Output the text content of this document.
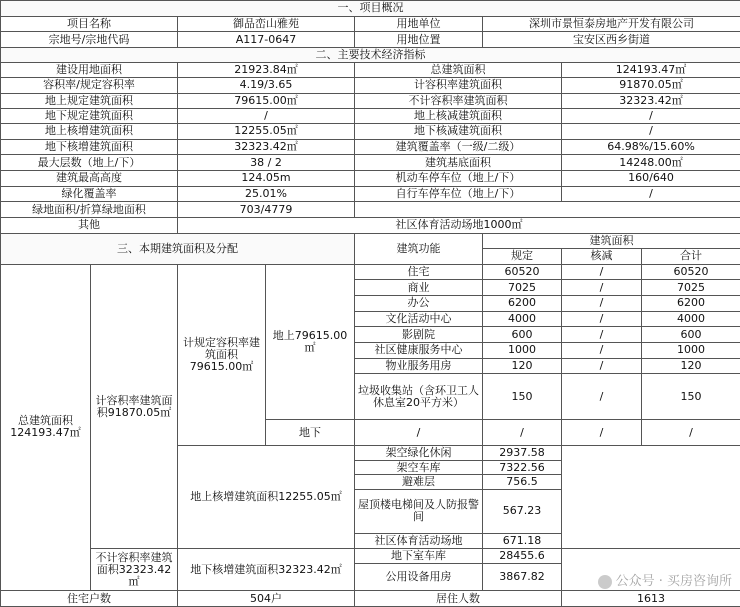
一、项目概况							
项目名称		御品峦山雅苑		用地单位	深圳市景恒泰房地产开发有限公司		
宗地号/宗地代码		A117-0647		用地位置	宝安区西乡街道		
二、主要技术经济指标							
建设用地面积		21923.84㎡		总建筑面积		124193.47㎡	
容积率/规定容积率		4.19/3.65		计容积率建筑面积		91870.05㎡	
地上规定建筑面积		79615.00㎡		不计容积率建筑面积		32323.42㎡	
地下规定建筑面积		/		地上核减建筑面积		/	
地上核增建筑面积		12255.05㎡		地下核减建筑面积		/	
地下核增建筑面积		32323.42㎡		建筑覆盖率（一级/二级）		64.98%/15.60%	
最大层数（地上/下）		38 / 2		建筑基底面积		14248.00㎡	
建筑最高高度		124.05m		机动车停车位（地上/下）		160/640	
绿化覆盖率		25.01%		自行车停车位（地上/下）		/	
绿地面积/折算绿地面积		703/4779					
其他		社区体育活动场地1000㎡					
三、本期建筑面积及分配				建筑功能	建筑面积		
					规定	核减	合计
总建筑面积124193.47㎡	计容积率建筑面积91870.05㎡	计规定容积率建筑面积79615.00㎡	地上79615.00㎡	住宅	60520	/	60520
				商业	7025	/	7025
				办公	6200	/	6200
				文化活动中心	4000	/	4000
				影剧院	600	/	600
				社区健康服务中心	1000	/	1000
				物业服务用房	120	/	120
				垃圾收集站（含环卫工人休息室20平方米）	150	/	150
			地下	/	/	/	/
		地上核增建筑面积12255.05㎡		架空绿化休闲	2937.58		
				架空车库	7322.56		
				避难层	756.5		
				屋顶楼电梯间及人防报警间	567.23		

				社区体育活动场地	671.18		
	不计容积率建筑面积32323.42㎡	地下核增建筑面积32323.42㎡		地下室车库	28455.6		
				公用设备用房	3867.82		

住宅户数		504户		居住人数		1613	
公众号 · 买房咨询所
